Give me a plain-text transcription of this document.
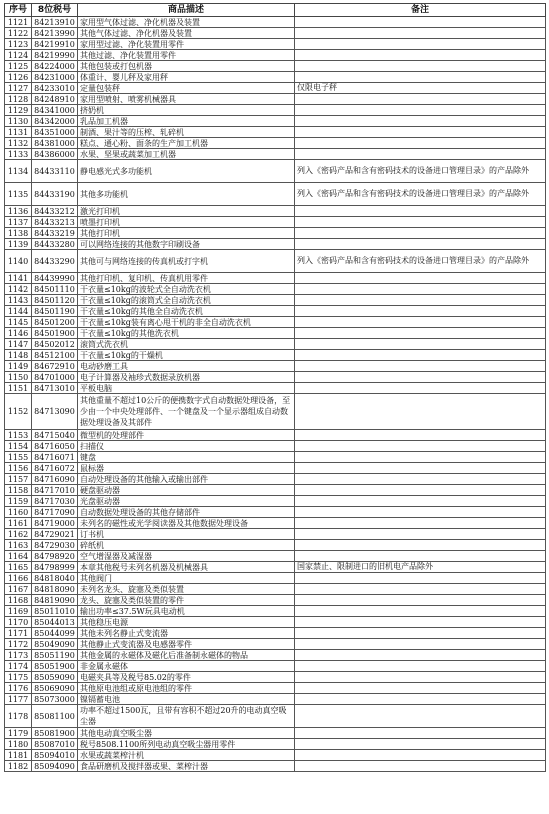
序号	8位税号	商品描述	备注
1121	84213910	家用型气体过滤、净化机器及装置	
1122	84213990	其他气体过滤、净化机器及装置	
1123	84219910	家用型过滤、净化装置用零件	
1124	84219990	其他过滤、净化装置用零件	
1125	84224000	其他包装或打包机器	
1126	84231000	体重计、婴儿秤及家用秤	
1127	84233010	定量包装秤	仅限电子秤
1128	84248910	家用型喷射、喷雾机械器具	
1129	84341000	挤奶机	
1130	84342000	乳品加工机器	
1131	84351000	制酒、果汁等的压榨、轧碎机	
1132	84381000	糕点、通心粉、面条的生产加工机器	
1133	84386000	水果、坚果或蔬菜加工机器	
1134	84433110	静电感光式多功能机	列入《密码产品和含有密码技术的设备进口管理目录》的产品除外
1135	84433190	其他多功能机	列入《密码产品和含有密码技术的设备进口管理目录》的产品除外
1136	84433212	激光打印机	
1137	84433213	喷墨打印机	
1138	84433219	其他打印机	
1139	84433280	可以网络连接的其他数字印刷设备	
1140	84433290	其他可与网络连接的传真机或打字机	列入《密码产品和含有密码技术的设备进口管理目录》的产品除外
1141	84439990	其他打印机、复印机、传真机用零件	
1142	84501110	干衣量≤10kg的波轮式全自动洗衣机	
1143	84501120	干衣量≤10kg的滚筒式全自动洗衣机	
1144	84501190	干衣量≤10kg的其他全自动洗衣机	
1145	84501200	干衣量≤10kg装有离心甩干机的非全自动洗衣机	
1146	84501900	干衣量≤10kg的其他洗衣机	
1147	84502012	滚筒式洗衣机	
1148	84512100	干衣量≤10kg的干燥机	
1149	84672910	电动砂磨工具	
1150	84701000	电子计算器及袖珍式数据录放机器	
1151	84713010	平板电脑	
1152	84713090	其他重量不超过10公斤的便携数字式自动数据处理设备，至少由一个中央处理部件、一个键盘及一个显示器组成自动数据处理设备及其部件	
1153	84715040	微型机的处理部件	
1154	84716050	扫描仪	
1155	84716071	键盘	
1156	84716072	鼠标器	
1157	84716090	自动处理设备的其他输入或输出部件	
1158	84717010	硬盘驱动器	
1159	84717030	光盘驱动器	
1160	84717090	自动数据处理设备的其他存储部件	
1161	84719000	未列名的磁性或光学阅读器及其他数据处理设备	
1162	84729021	订书机	
1163	84729030	碎纸机	
1164	84798920	空气增湿器及减湿器	
1165	84798999	本章其他税号未列名机器及机械器具	国家禁止、限制进口的旧机电产品除外
1166	84818040	其他阀门	
1167	84818090	未列名龙头、旋塞及类似装置	
1168	84819090	龙头、旋塞及类似装置的零件	
1169	85011010	输出功率≤37.5W玩具电动机	
1170	85044013	其他稳压电源	
1171	85044099	其他未列名静止式变流器	
1172	85049090	其他静止式变流器及电感器零件	
1173	85051190	其他金属的永磁体及磁化后准备制永磁体的物品	
1174	85051900	非金属永磁体	
1175	85059090	电磁夹具等及税号85.02的零件	
1176	85069090	其他原电池组或原电池组的零件	
1177	85073000	镍镉蓄电池	
1178	85081100	功率不超过1500瓦，且带有容积不超过20升的电动真空吸尘器	
1179	85081900	其他电动真空吸尘器	
1180	85087010	税号8508.1100所列电动真空吸尘器用零件	
1181	85094010	水果或蔬菜榨汁机	
1182	85094090	食品研磨机及搅拌器或果、菜榨汁器	
